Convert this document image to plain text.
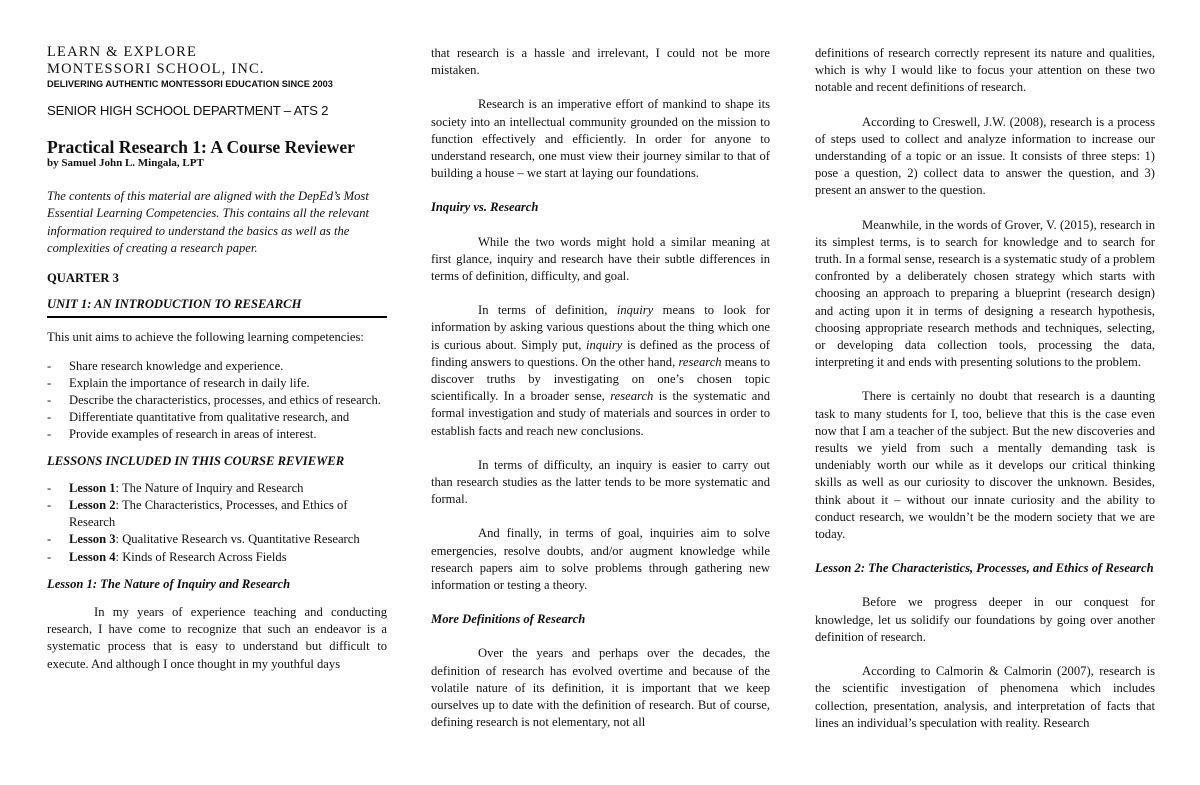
LEARN & EXPLORE

MONTESSORI SCHOOL, INC.

DELIVERING AUTHENTIC MONTESSORI EDUCATION SINCE 2003

SENIOR HIGH SCHOOL DEPARTMENT – ATS 2

Practical Research 1: A Course Reviewer

by Samuel John L. Mingala, LPT

The contents of this material are aligned with the DepEd’s Most Essential Learning Competencies. This contains all the relevant information required to understand the basics as well as the complexities of creating a research paper.

QUARTER 3

UNIT 1: AN INTRODUCTION TO RESEARCH

This unit aims to achieve the following learning competencies:

- Share research knowledge and experience.
- Explain the importance of research in daily life.
- Describe the characteristics, processes, and ethics of research.
- Differentiate quantitative from qualitative research, and
- Provide examples of research in areas of interest.

LESSONS INCLUDED IN THIS COURSE REVIEWER

- Lesson 1: The Nature of Inquiry and Research
- Lesson 2: The Characteristics, Processes, and Ethics of Research
- Lesson 3: Qualitative Research vs. Quantitative Research
- Lesson 4: Kinds of Research Across Fields

Lesson 1: The Nature of Inquiry and Research

In my years of experience teaching and conducting research, I have come to recognize that such an endeavor is a systematic process that is easy to understand but difficult to execute. And although I once thought in my youthful days

that research is a hassle and irrelevant, I could not be more mistaken.

Research is an imperative effort of mankind to shape its society into an intellectual community grounded on the mission to function effectively and efficiently. In order for anyone to understand research, one must view their journey similar to that of building a house – we start at laying our foundations.

Inquiry vs. Research

While the two words might hold a similar meaning at first glance, inquiry and research have their subtle differences in terms of definition, difficulty, and goal.

In terms of definition, inquiry means to look for information by asking various questions about the thing which one is curious about. Simply put, inquiry is defined as the process of finding answers to questions. On the other hand, research means to discover truths by investigating on one’s chosen topic scientifically. In a broader sense, research is the systematic and formal investigation and study of materials and sources in order to establish facts and reach new conclusions.

In terms of difficulty, an inquiry is easier to carry out than research studies as the latter tends to be more systematic and formal.

And finally, in terms of goal, inquiries aim to solve emergencies, resolve doubts, and/or augment knowledge while research papers aim to solve problems through gathering new information or testing a theory.

More Definitions of Research

Over the years and perhaps over the decades, the definition of research has evolved overtime and because of the volatile nature of its definition, it is important that we keep ourselves up to date with the definition of research. But of course, defining research is not elementary, not all

definitions of research correctly represent its nature and qualities, which is why I would like to focus your attention on these two notable and recent definitions of research.

According to Creswell, J.W. (2008), research is a process of steps used to collect and analyze information to increase our understanding of a topic or an issue. It consists of three steps: 1) pose a question, 2) collect data to answer the question, and 3) present an answer to the question.

Meanwhile, in the words of Grover, V. (2015), research in its simplest terms, is to search for knowledge and to search for truth. In a formal sense, research is a systematic study of a problem confronted by a deliberately chosen strategy which starts with choosing an approach to preparing a blueprint (research design) and acting upon it in terms of designing a research hypothesis, choosing appropriate research methods and techniques, selecting, or developing data collection tools, processing the data, interpreting it and ends with presenting solutions to the problem.

There is certainly no doubt that research is a daunting task to many students for I, too, believe that this is the case even now that I am a teacher of the subject. But the new discoveries and results we yield from such a mentally demanding task is undeniably worth our while as it develops our critical thinking skills as well as our curiosity to discover the unknown. Besides, think about it – without our innate curiosity and the ability to conduct research, we wouldn’t be the modern society that we are today.

Lesson 2: The Characteristics, Processes, and Ethics of Research

Before we progress deeper in our conquest for knowledge, let us solidify our foundations by going over another definition of research.

According to Calmorin & Calmorin (2007), research is the scientific investigation of phenomena which includes collection, presentation, analysis, and interpretation of facts that lines an individual’s speculation with reality. Research
